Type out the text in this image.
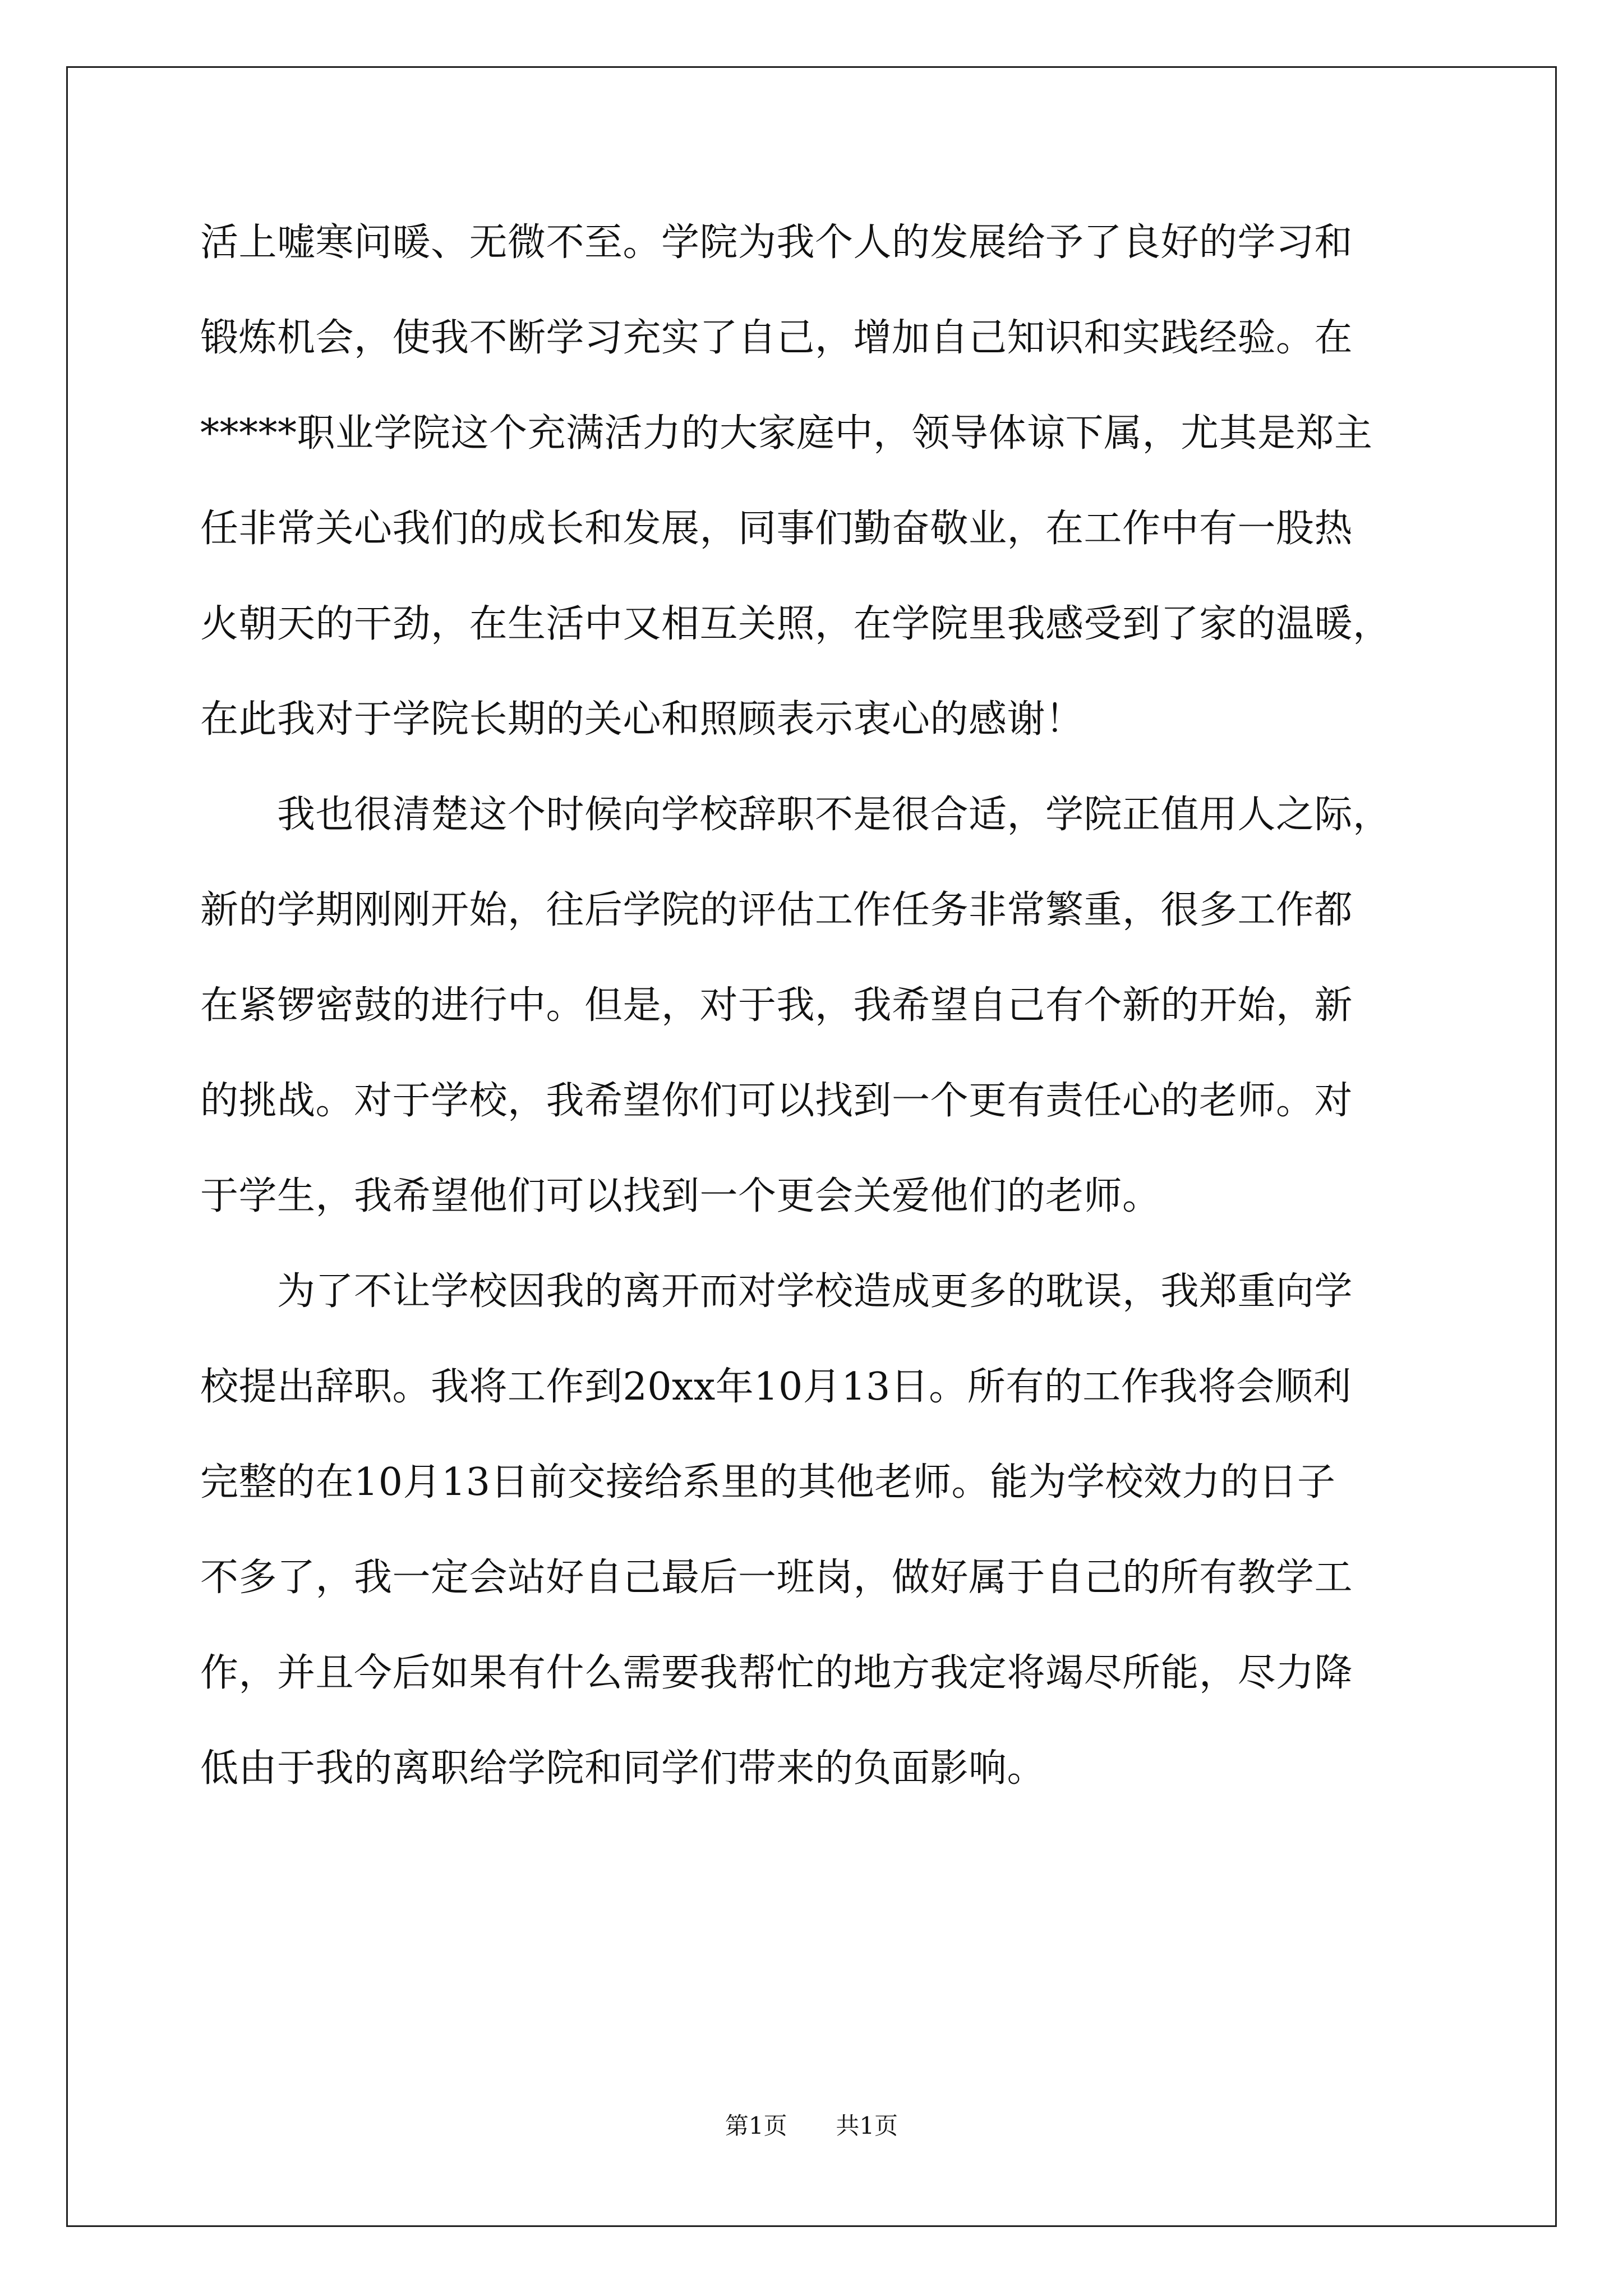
活上嘘寒问暖、无微不至。学院为我个人的发展给予了良好的学习和
锻炼机会，使我不断学习充实了自己，增加自己知识和实践经验。在
*****职业学院这个充满活力的大家庭中，领导体谅下属，尤其是郑主
任非常关心我们的成长和发展，同事们勤奋敬业，在工作中有一股热
火朝天的干劲，在生活中又相互关照，在学院里我感受到了家的温暖，
在此我对于学院长期的关心和照顾表示衷心的感谢！
　　我也很清楚这个时候向学校辞职不是很合适，学院正值用人之际，
新的学期刚刚开始，往后学院的评估工作任务非常繁重，很多工作都
在紧锣密鼓的进行中。但是，对于我，我希望自己有个新的开始，新
的挑战。对于学校，我希望你们可以找到一个更有责任心的老师。对
于学生，我希望他们可以找到一个更会关爱他们的老师。
　　为了不让学校因我的离开而对学校造成更多的耽误，我郑重向学
校提出辞职。我将工作到20xx年10月13日。所有的工作我将会顺利
完整的在10月13日前交接给系里的其他老师。能为学校效力的日子
不多了，我一定会站好自己最后一班岗，做好属于自己的所有教学工
作，并且今后如果有什么需要我帮忙的地方我定将竭尽所能，尽力降
低由于我的离职给学院和同学们带来的负面影响。
第1页 共1页
